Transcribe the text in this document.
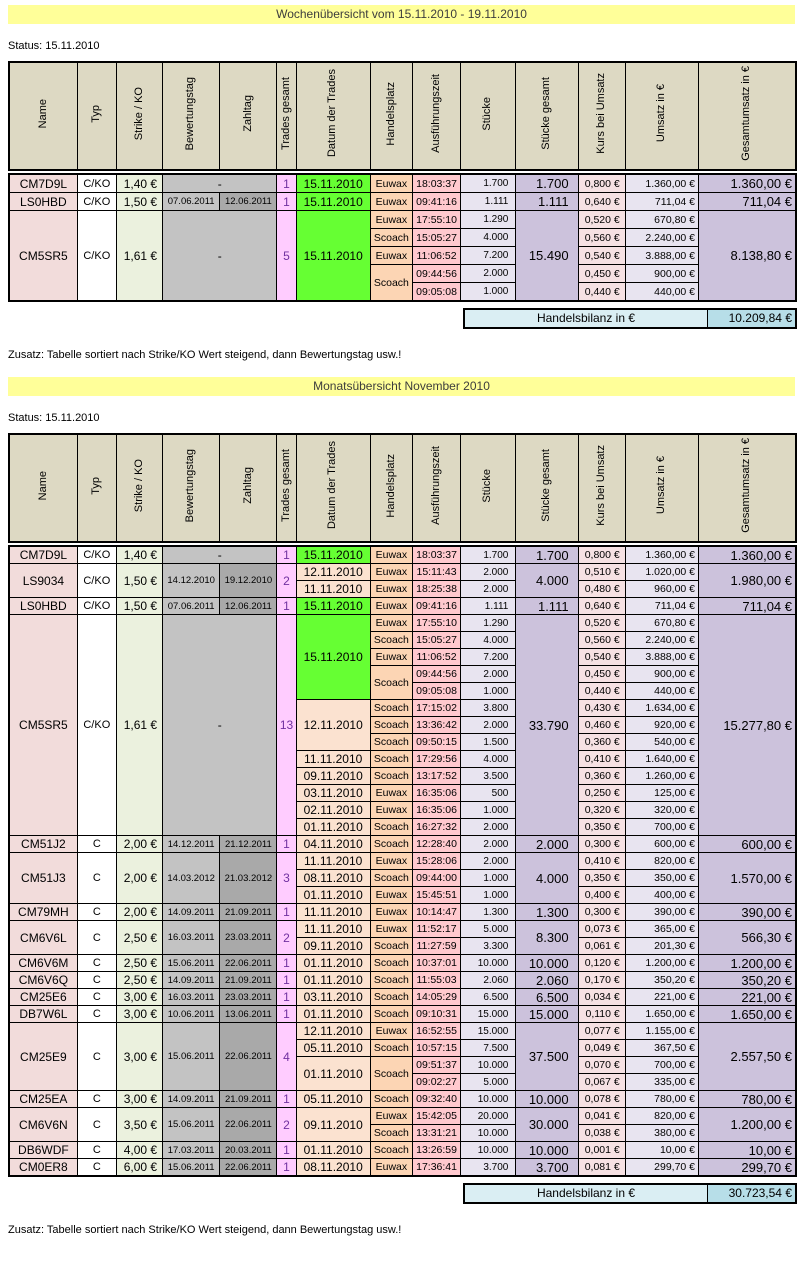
Wochenübersicht vom 15.11.2010 - 19.11.2010
Status: 15.11.2010
Name	Typ	Strike / KO	Bewertungstag	Zahltag	Trades gesamt	Datum der Trades	Handelsplatz	Ausführungszeit	Stücke	Stücke gesamt	Kurs bei Umsatz	Umsatz in €	Gesamtumsatz in €
CM7D9L	C/KO	1,40 €	-		1	15.11.2010	Euwax	18:03:37	1.700	1.700	0,800 €	1.360,00 €	1.360,00 €
LS0HBD	C/KO	1,50 €	07.06.2011	12.06.2011	1	15.11.2010	Euwax	09:41:16	1.111	1.111	0,640 €	711,04 €	711,04 €
CM5SR5	C/KO	1,61 €	-		5	15.11.2010	Euwax	17:55:10	1.290	15.490	0,520 €	670,80 €	8.138,80 €
							Scoach	15:05:27	4.000		0,560 €	2.240,00 €	
							Euwax	11:06:52	7.200		0,540 €	3.888,00 €	
							Scoach	09:44:56	2.000		0,450 €	900,00 €	
								09:05:08	1.000		0,440 €	440,00 €	
Handelsbilanz in €	10.209,84 €
Zusatz: Tabelle sortiert nach Strike/KO Wert steigend, dann Bewertungstag usw.!
Monatsübersicht November 2010
Status: 15.11.2010
Name	Typ	Strike / KO	Bewertungstag	Zahltag	Trades gesamt	Datum der Trades	Handelsplatz	Ausführungszeit	Stücke	Stücke gesamt	Kurs bei Umsatz	Umsatz in €	Gesamtumsatz in €
CM7D9L	C/KO	1,40 €	-		1	15.11.2010	Euwax	18:03:37	1.700	1.700	0,800 €	1.360,00 €	1.360,00 €
LS9034	C/KO	1,50 €	14.12.2010	19.12.2010	2	12.11.2010	Euwax	15:11:43	2.000	4.000	0,510 €	1.020,00 €	1.980,00 €
						11.11.2010	Euwax	18:25:38	2.000		0,480 €	960,00 €	
LS0HBD	C/KO	1,50 €	07.06.2011	12.06.2011	1	15.11.2010	Euwax	09:41:16	1.111	1.111	0,640 €	711,04 €	711,04 €
CM5SR5	C/KO	1,61 €	-		13	15.11.2010	Euwax	17:55:10	1.290	33.790	0,520 €	670,80 €	15.277,80 €
							Scoach	15:05:27	4.000		0,560 €	2.240,00 €	
							Euwax	11:06:52	7.200		0,540 €	3.888,00 €	
							Scoach	09:44:56	2.000		0,450 €	900,00 €	
								09:05:08	1.000		0,440 €	440,00 €	
						12.11.2010	Scoach	17:15:02	3.800		0,430 €	1.634,00 €	
							Scoach	13:36:42	2.000		0,460 €	920,00 €	
							Scoach	09:50:15	1.500		0,360 €	540,00 €	
						11.11.2010	Scoach	17:29:56	4.000		0,410 €	1.640,00 €	
						09.11.2010	Scoach	13:17:52	3.500		0,360 €	1.260,00 €	
						03.11.2010	Euwax	16:35:06	500		0,250 €	125,00 €	
						02.11.2010	Euwax	16:35:06	1.000		0,320 €	320,00 €	
						01.11.2010	Scoach	16:27:32	2.000		0,350 €	700,00 €	
CM51J2	C	2,00 €	14.12.2011	21.12.2011	1	04.11.2010	Scoach	12:28:40	2.000	2.000	0,300 €	600,00 €	600,00 €
CM51J3	C	2,00 €	14.03.2012	21.03.2012	3	11.11.2010	Euwax	15:28:06	2.000	4.000	0,410 €	820,00 €	1.570,00 €
						08.11.2010	Scoach	09:44:00	1.000		0,350 €	350,00 €	
						01.11.2010	Euwax	15:45:51	1.000		0,400 €	400,00 €	
CM79MH	C	2,00 €	14.09.2011	21.09.2011	1	11.11.2010	Euwax	10:14:47	1.300	1.300	0,300 €	390,00 €	390,00 €
CM6V6L	C	2,50 €	16.03.2011	23.03.2011	2	11.11.2010	Euwax	11:52:17	5.000	8.300	0,073 €	365,00 €	566,30 €
						09.11.2010	Scoach	11:27:59	3.300		0,061 €	201,30 €	
CM6V6M	C	2,50 €	15.06.2011	22.06.2011	1	01.11.2010	Scoach	10:37:01	10.000	10.000	0,120 €	1.200,00 €	1.200,00 €
CM6V6Q	C	2,50 €	14.09.2011	21.09.2011	1	01.11.2010	Scoach	11:55:03	2.060	2.060	0,170 €	350,20 €	350,20 €
CM25E6	C	3,00 €	16.03.2011	23.03.2011	1	03.11.2010	Scoach	14:05:29	6.500	6.500	0,034 €	221,00 €	221,00 €
DB7W6L	C	3,00 €	10.06.2011	13.06.2011	1	01.11.2010	Scoach	09:10:31	15.000	15.000	0,110 €	1.650,00 €	1.650,00 €
CM25E9	C	3,00 €	15.06.2011	22.06.2011	4	12.11.2010	Euwax	16:52:55	15.000	37.500	0,077 €	1.155,00 €	2.557,50 €
						05.11.2010	Scoach	10:57:15	7.500		0,049 €	367,50 €	
						01.11.2010	Scoach	09:51:37	10.000		0,070 €	700,00 €	
								09:02:27	5.000		0,067 €	335,00 €	
CM25EA	C	3,00 €	14.09.2011	21.09.2011	1	05.11.2010	Scoach	09:32:40	10.000	10.000	0,078 €	780,00 €	780,00 €
CM6V6N	C	3,50 €	15.06.2011	22.06.2011	2	09.11.2010	Euwax	15:42:05	20.000	30.000	0,041 €	820,00 €	1.200,00 €
							Scoach	13:31:21	10.000		0,038 €	380,00 €	
DB6WDF	C	4,00 €	17.03.2011	20.03.2011	1	01.11.2010	Scoach	13:26:59	10.000	10.000	0,001 €	10,00 €	10,00 €
CM0ER8	C	6,00 €	15.06.2011	22.06.2011	1	08.11.2010	Euwax	17:36:41	3.700	3.700	0,081 €	299,70 €	299,70 €
Handelsbilanz in €	30.723,54 €
Zusatz: Tabelle sortiert nach Strike/KO Wert steigend, dann Bewertungstag usw.!
